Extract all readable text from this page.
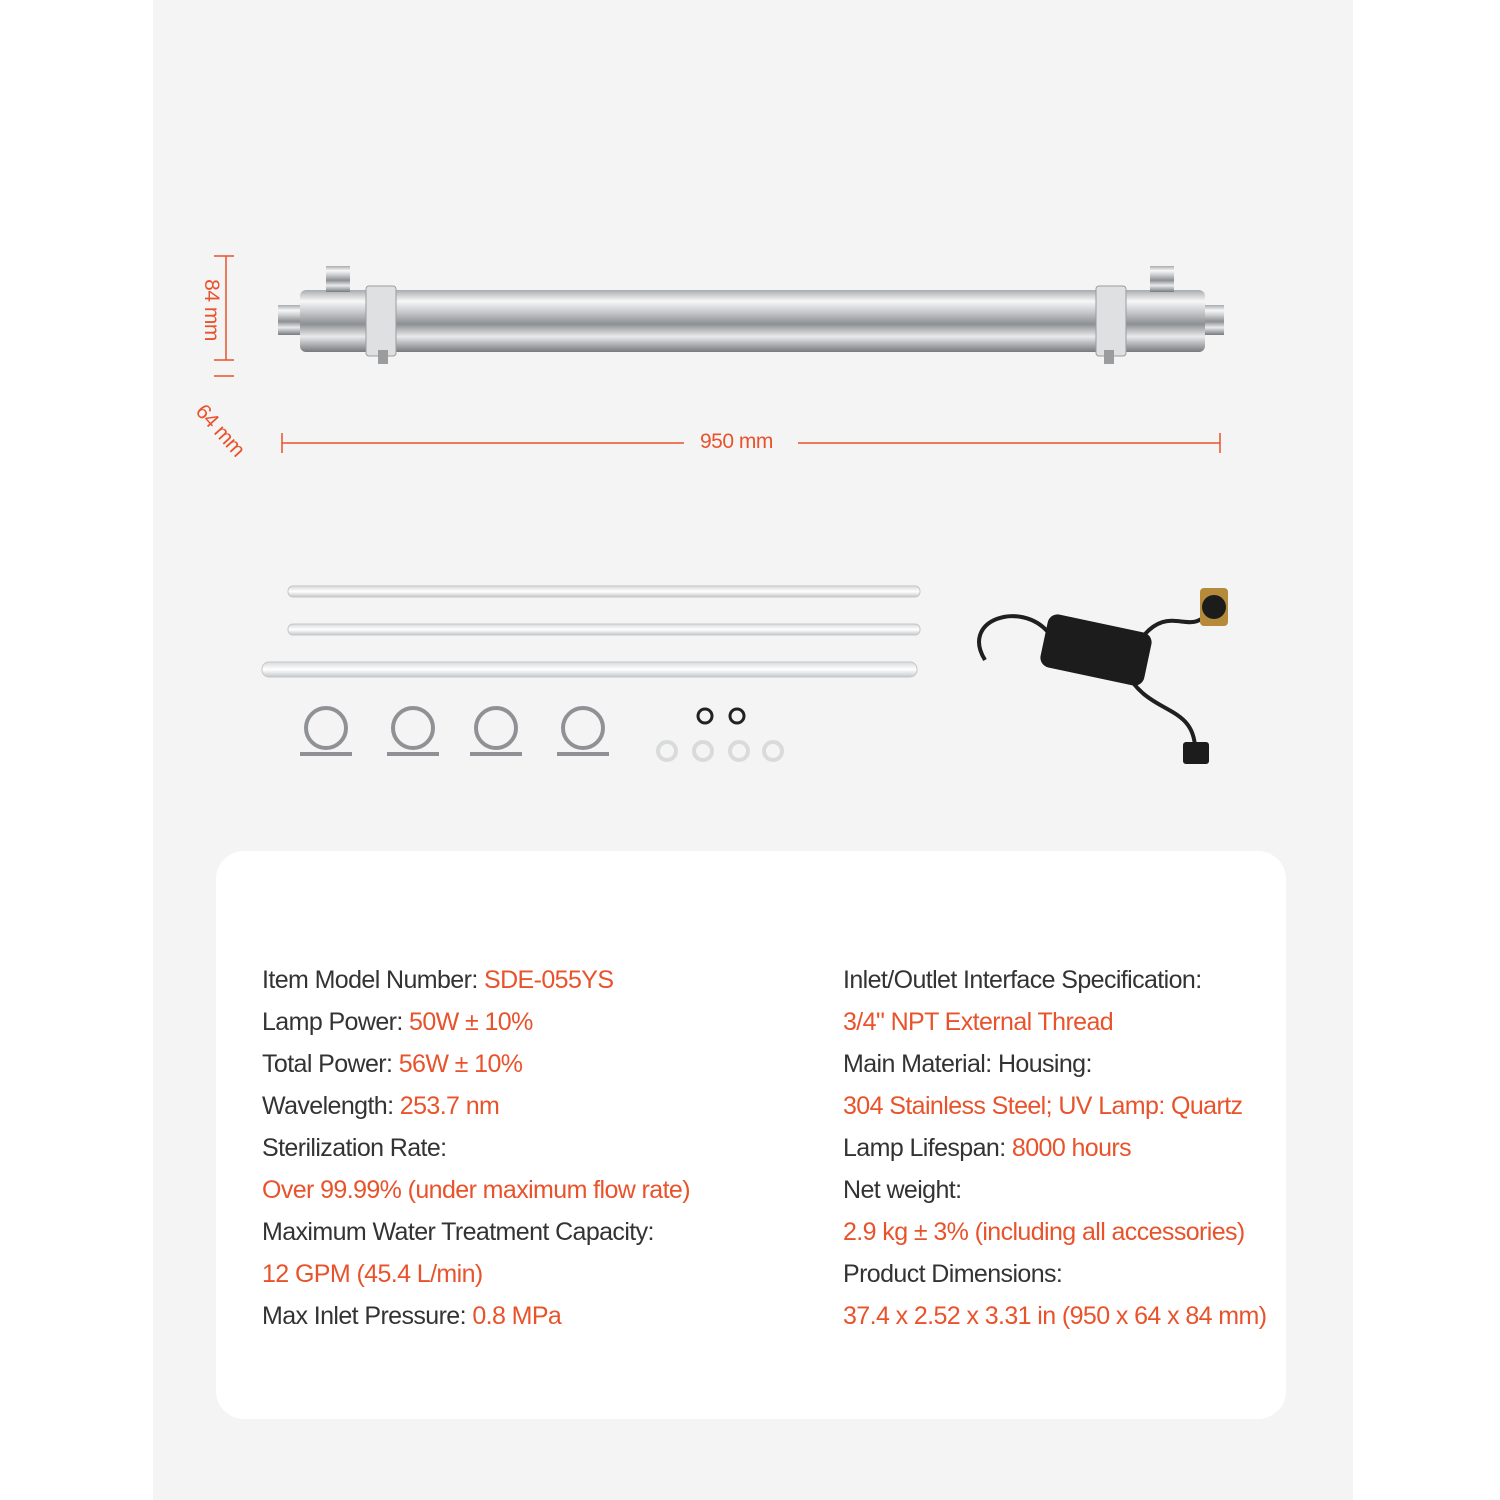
950 mm
84 mm
64 mm
Item Model Number: SDE-055YS
Lamp Power: 50W ± 10%
Total Power: 56W ± 10%
Wavelength: 253.7 nm
Sterilization Rate:
Over 99.99% (under maximum flow rate)
Maximum Water Treatment Capacity:
12 GPM (45.4 L/min)
Max Inlet Pressure: 0.8 MPa
Inlet/Outlet Interface Specification:
3/4" NPT External Thread
Main Material: Housing:
304 Stainless Steel; UV Lamp: Quartz
Lamp Lifespan: 8000 hours
Net weight:
2.9 kg ± 3% (including all accessories)
Product Dimensions:
37.4 x 2.52 x 3.31 in (950 x 64 x 84 mm)
